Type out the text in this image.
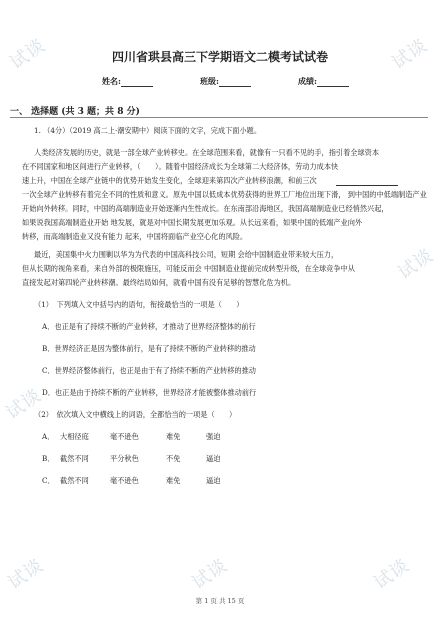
试谈	试谈
试谈
试谈
试谈	试谈	试谈
四川省珙县高三下学期语文二模考试试卷
姓名:	班级:	成绩:
一、 选择题 (共 3 题；共 8 分)
1. （4分）（2019 高二上·潮安期中）阅读下面的文字，完成下面小题。
人类经济发展的历史，就是一部全球产业转移史。在全球范围来看，就像有一只看不见的手，指引着全球资本
在不同国家和地区间进行产业转移，（　　）。随着中国经济成长为全球第二大经济体，劳动力成本快
速上升，中国在全球产业链中的优势开始发生变化，全球迎来第四次产业转移浪潮，和前三次
一次全球产业转移有着完全不同的性质和意义。原先中国以低成本优势获得的世界工厂地位出现下滑， 到中国的中低端制造产业
开始向外转移。同时，中国的高端制造业开始逐渐内生性成长。在东南部沿海地区，我国高端制造业已经悄然兴起，
如果说我国高端制造业开始 地发展，就是对中国长期发展更加乐观。从长远来看，如果中国的低端产业向外
转移，而高端制造业又没有能力 起来，中国将面临产业空心化的风险。
最近，美国集中火力围剿以华为为代表的中国高科技公司，短期 会给中国制造业带来较大压力，
但从长期的视角来看，来自外部的极限施压，可能反而会 中国制造业提前完成转型升级，在全球竞争中从
直接发起对第四轮产业转移潮。最终结局如何，就看中国有没有足够的智慧化危为机。
（1）　下列填入文中括号内的语句，衔接最恰当的一项是（　　）
A．也正是有了持续不断的产业转移，才推动了世界经济整体的前行
B．世界经济正是因为整体前行，是有了持续不断的产业转移的推动
C．世界经济整体前行，也正是由于有了持续不断的产业转移的推动
D．也正是由于持续不断的产业转移，世界经济才能被整体推动前行
（2）　依次填入文中横线上的词语，全都恰当的一项是（　　）
A． 大相径庭	毫不逊色	难免	强迫
B． 截然不同	平分秋色	不免	逼迫
C． 截然不同	毫不逊色	难免	逼迫
第 1 页 共 15 页
